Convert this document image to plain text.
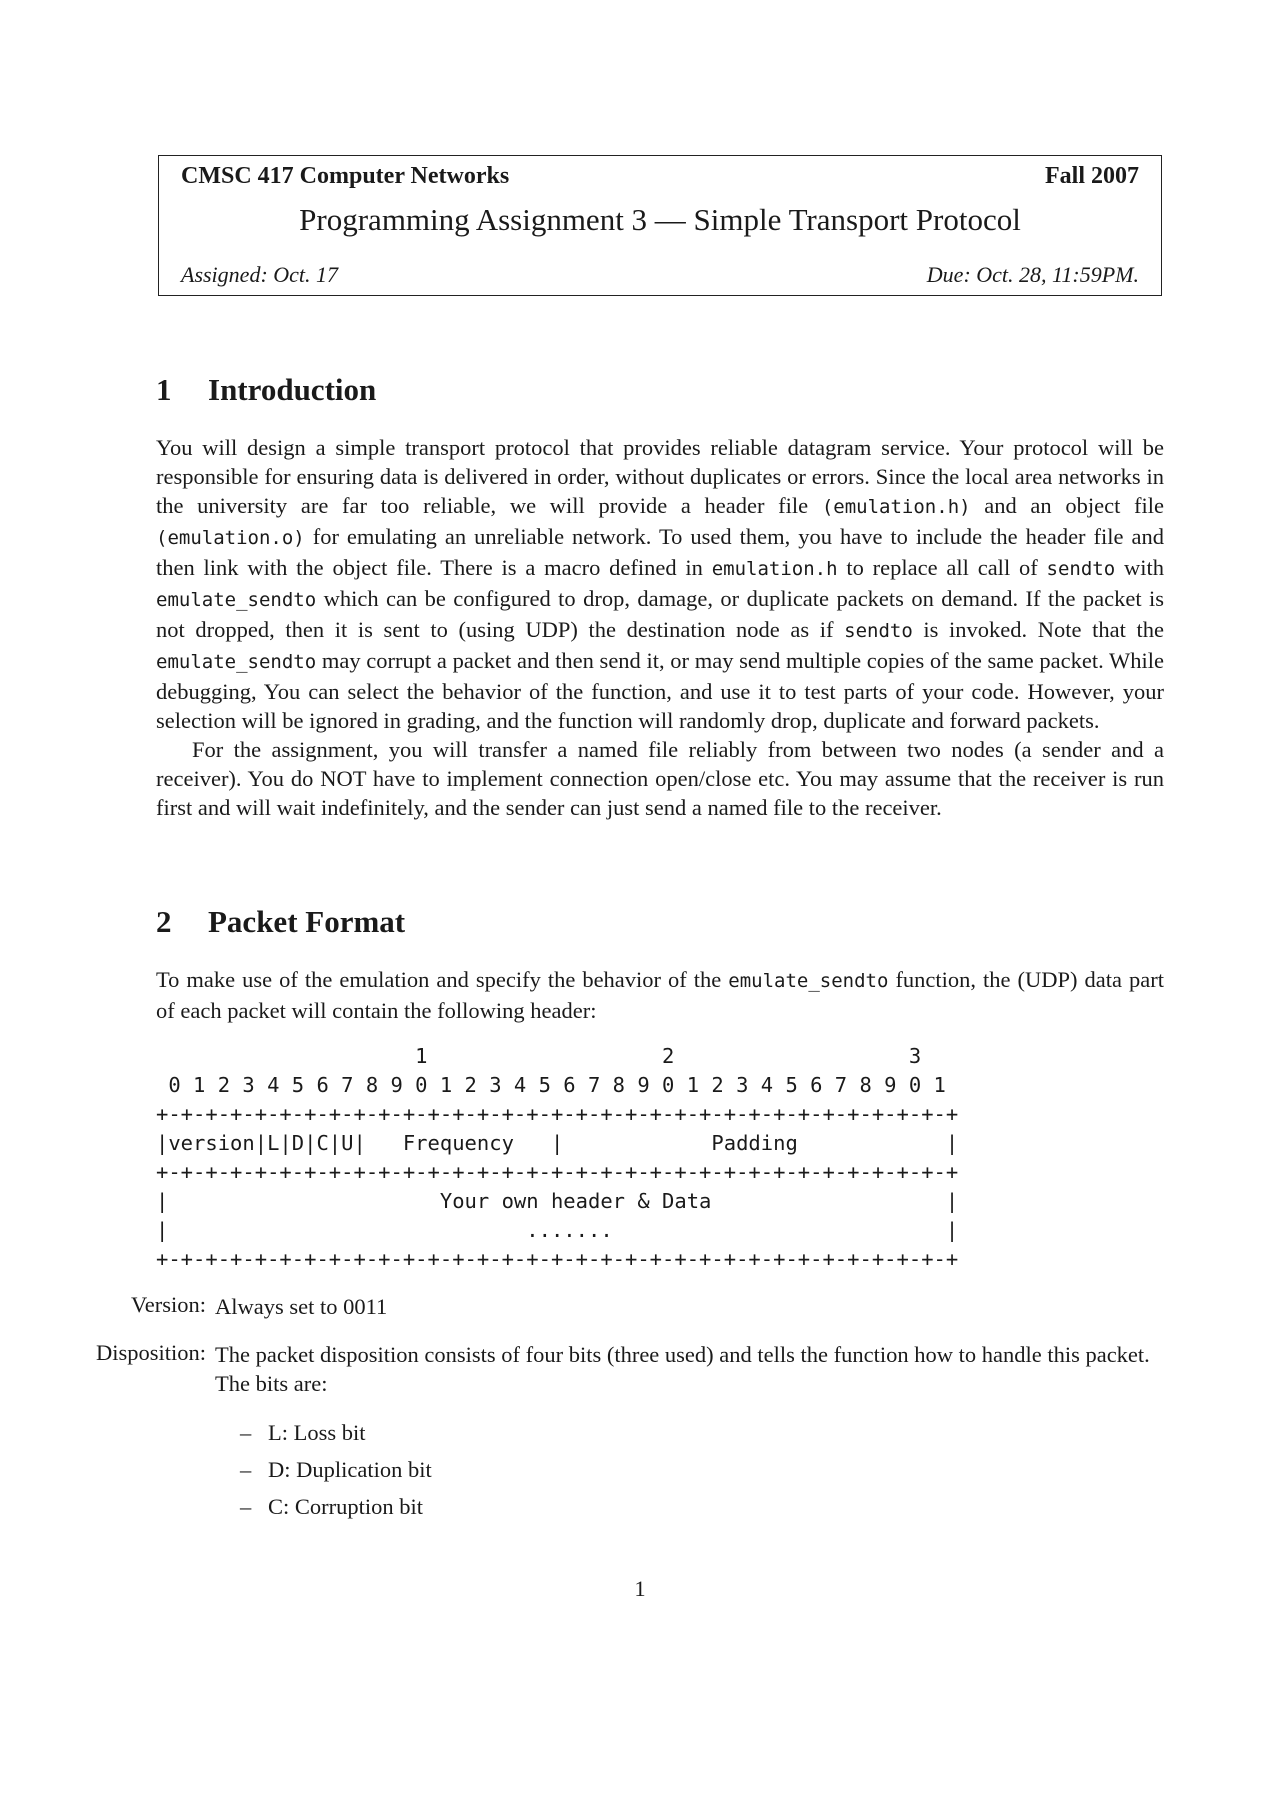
CMSC 417 Computer Networks	Fall 2007
Programming Assignment 3 — Simple Transport Protocol
Assigned: Oct. 17	Due: Oct. 28, 11:59PM.
1 Introduction

You will design a simple transport protocol that provides reliable datagram service. Your protocol will be responsible for ensuring data is delivered in order, without duplicates or errors. Since the local area networks in the university are far too reliable, we will provide a header file (emulation.h) and an object file (emulation.o) for emulating an unreliable network. To used them, you have to include the header file and then link with the object file. There is a macro defined in emulation.h to replace all call of sendto with emulate_sendto which can be configured to drop, damage, or duplicate packets on demand. If the packet is not dropped, then it is sent to (using UDP) the destination node as if sendto is invoked. Note that the emulate_sendto may corrupt a packet and then send it, or may send multiple copies of the same packet. While debugging, You can select the behavior of the function, and use it to test parts of your code. However, your selection will be ignored in grading, and the function will randomly drop, duplicate and forward packets.

For the assignment, you will transfer a named file reliably from between two nodes (a sender and a receiver). You do NOT have to implement connection open/close etc. You may assume that the receiver is run first and will wait indefinitely, and the sender can just send a named file to the receiver.

2 Packet Format

To make use of the emulation and specify the behavior of the emulate_sendto function, the (UDP) data part of each packet will contain the following header:

1                   2                   3
0 1 2 3 4 5 6 7 8 9 0 1 2 3 4 5 6 7 8 9 0 1 2 3 4 5 6 7 8 9 0 1
+-+-+-+-+-+-+-+-+-+-+-+-+-+-+-+-+-+-+-+-+-+-+-+-+-+-+-+-+-+-+-+-+
|version|L|D|C|U|   Frequency   |            Padding            |
+-+-+-+-+-+-+-+-+-+-+-+-+-+-+-+-+-+-+-+-+-+-+-+-+-+-+-+-+-+-+-+-+
|                      Your own header & Data                   |
|                             .......                           |
+-+-+-+-+-+-+-+-+-+-+-+-+-+-+-+-+-+-+-+-+-+-+-+-+-+-+-+-+-+-+-+-+
Version: Always set to 0011
Disposition: The packet disposition consists of four bits (three used) and tells the function how to handle this packet. The bits are:
– L: Loss bit
– D: Duplication bit
– C: Corruption bit
1
